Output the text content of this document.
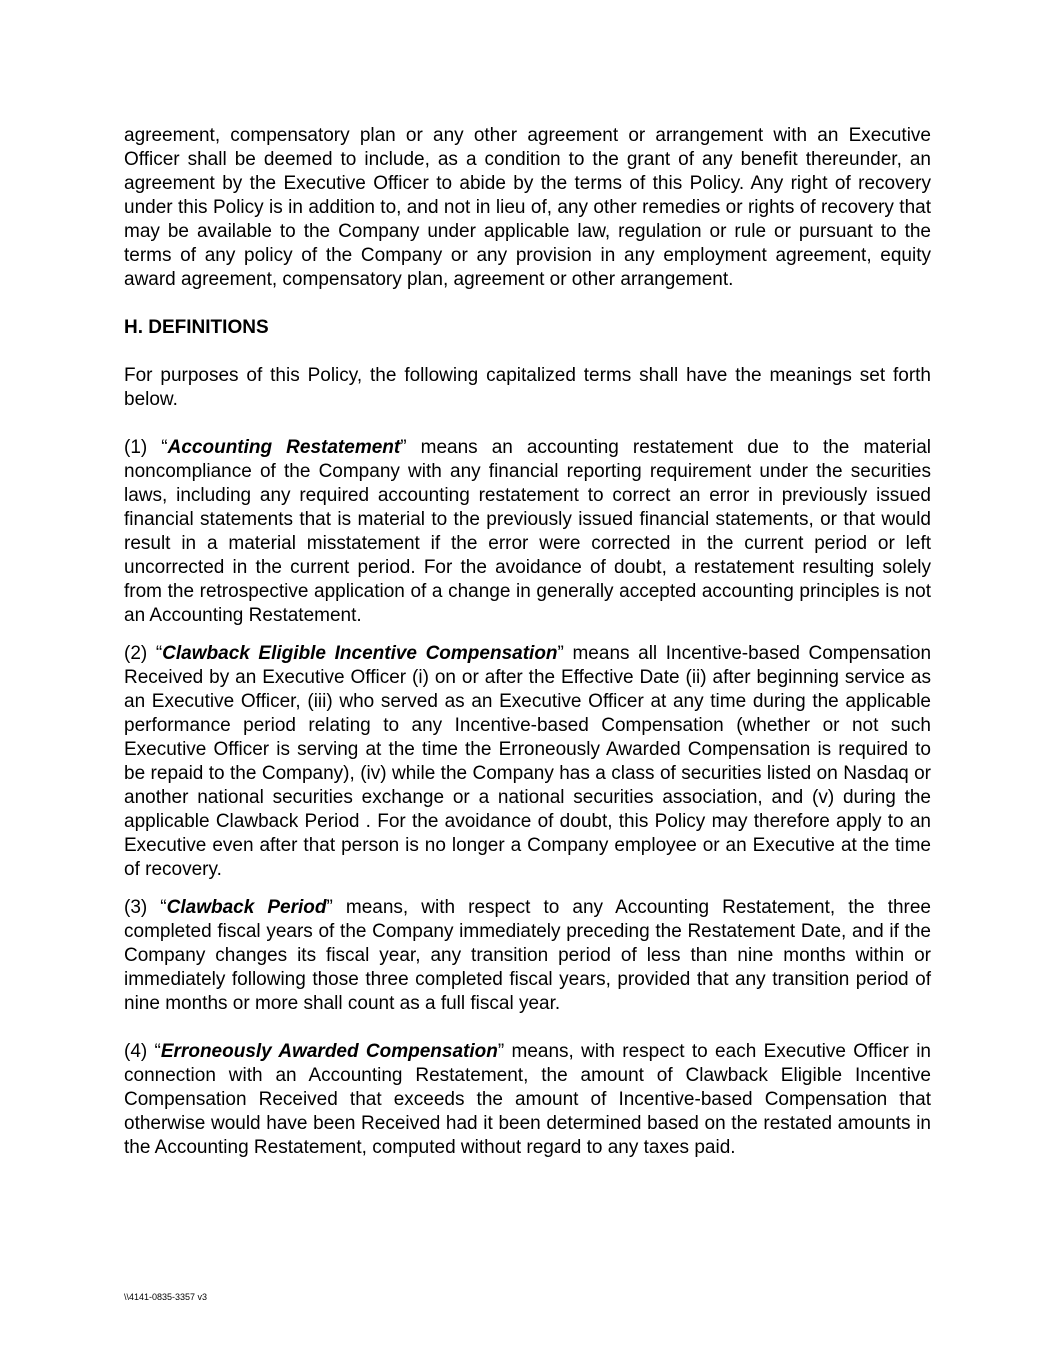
agreement, compensatory plan or any other agreement or arrangement with an Executive Officer shall be deemed to include, as a condition to the grant of any benefit thereunder, an agreement by the Executive Officer to abide by the terms of this Policy. Any right of recovery under this Policy is in addition to, and not in lieu of, any other remedies or rights of recovery that may be available to the Company under applicable law, regulation or rule or pursuant to the terms of any policy of the Company or any provision in any employment agreement, equity award agreement, compensatory plan, agreement or other arrangement.

H. DEFINITIONS

For purposes of this Policy, the following capitalized terms shall have the meanings set forth below.

(1) “Accounting Restatement” means an accounting restatement due to the material noncompliance of the Company with any financial reporting requirement under the securities laws, including any required accounting restatement to correct an error in previously issued financial statements that is material to the previously issued financial statements, or that would result in a material misstatement if the error were corrected in the current period or left uncorrected in the current period. For the avoidance of doubt, a restatement resulting solely from the retrospective application of a change in generally accepted accounting principles is not an Accounting Restatement.

(2) “Clawback Eligible Incentive Compensation” means all Incentive-based Compensation Received by an Executive Officer (i) on or after the Effective Date (ii) after beginning service as an Executive Officer, (iii) who served as an Executive Officer at any time during the applicable performance period relating to any Incentive-based Compensation (whether or not such Executive Officer is serving at the time the Erroneously Awarded Compensation is required to be repaid to the Company), (iv) while the Company has a class of securities listed on Nasdaq or another national securities exchange or a national securities association, and (v) during the applicable Clawback Period . For the avoidance of doubt, this Policy may therefore apply to an Executive even after that person is no longer a Company employee or an Executive at the time of recovery.

(3) “Clawback Period” means, with respect to any Accounting Restatement, the three completed fiscal years of the Company immediately preceding the Restatement Date, and if the Company changes its fiscal year, any transition period of less than nine months within or immediately following those three completed fiscal years, provided that any transition period of nine months or more shall count as a full fiscal year.

(4) “Erroneously Awarded Compensation” means, with respect to each Executive Officer in connection with an Accounting Restatement, the amount of Clawback Eligible Incentive Compensation Received that exceeds the amount of Incentive-based Compensation that otherwise would have been Received had it been determined based on the restated amounts in the Accounting Restatement, computed without regard to any taxes paid.

\\4141-0835-3357 v3
